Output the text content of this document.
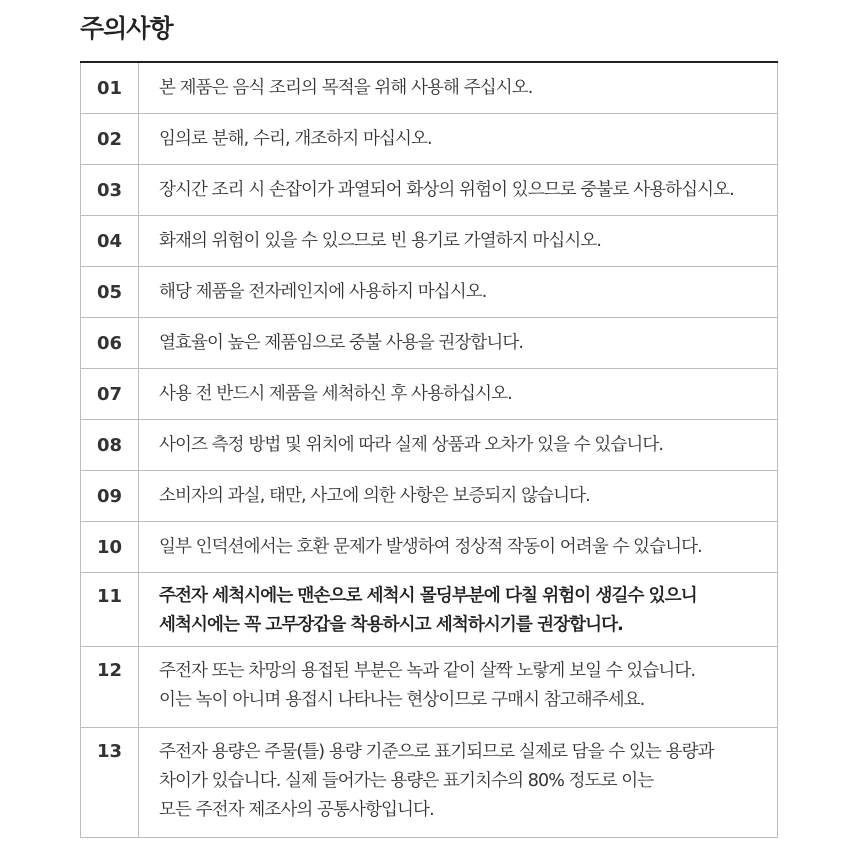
주의사항
01	본 제품은 음식 조리의 목적을 위해 사용해 주십시오.

02	임의로 분해, 수리, 개조하지 마십시오.

03	장시간 조리 시 손잡이가 과열되어 화상의 위험이 있으므로 중불로 사용하십시오.

04	화재의 위험이 있을 수 있으므로 빈 용기로 가열하지 마십시오.

05	해당 제품을 전자레인지에 사용하지 마십시오.

06	열효율이 높은 제품임으로 중불 사용을 권장합니다.

07	사용 전 반드시 제품을 세척하신 후 사용하십시오.

08	사이즈 측정 방법 및 위치에 따라 실제 상품과 오차가 있을 수 있습니다.

09	소비자의 과실, 태만, 사고에 의한 사항은 보증되지 않습니다.

10	일부 인덕션에서는 호환 문제가 발생하여 정상적 작동이 어려울 수 있습니다.

11	주전자 세척시에는 맨손으로 세척시 몰딩부분에 다칠 위험이 생길수 있으니
세척시에는 꼭 고무장갑을 착용하시고 세척하시기를 권장합니다.

12	주전자 또는 차망의 용접된 부분은 녹과 같이 살짝 노랗게 보일 수 있습니다.
이는 녹이 아니며 용접시 나타나는 현상이므로 구매시 참고해주세요.

13	주전자 용량은 주물(틀) 용량 기준으로 표기되므로 실제로 담을 수 있는 용량과
차이가 있습니다. 실제 들어가는 용량은 표기치수의 80% 정도로 이는
모든 주전자 제조사의 공통사항입니다.
